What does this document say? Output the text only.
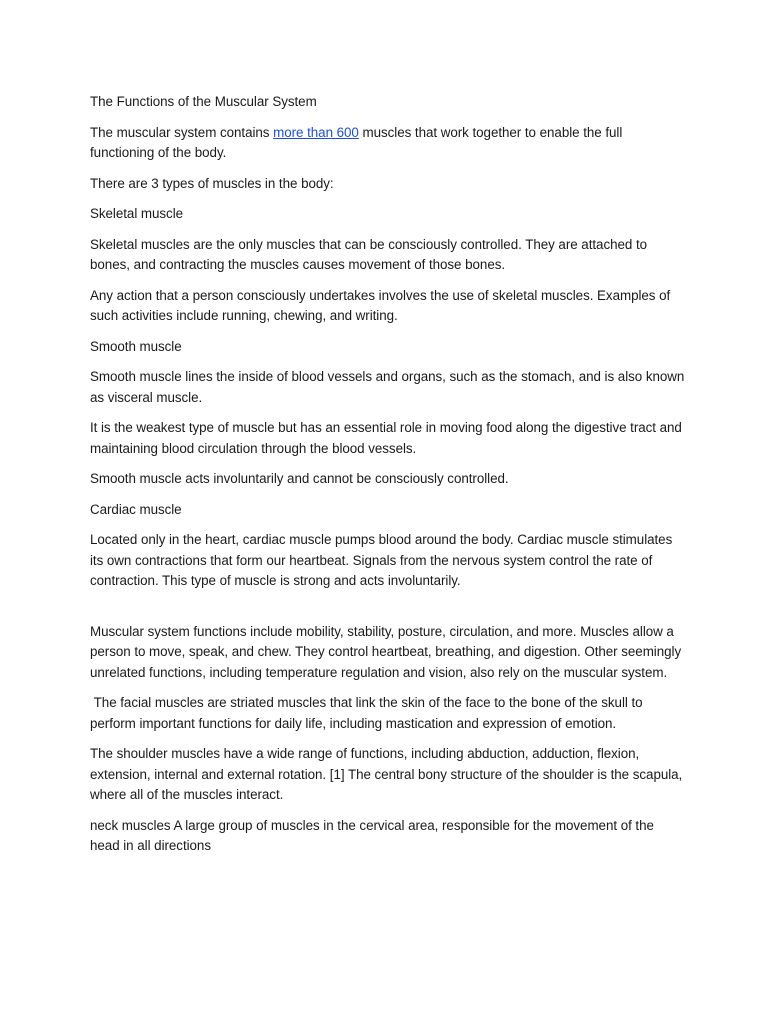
The Functions of the Muscular System

The muscular system contains more than 600 muscles that work together to enable the full functioning of the body.

There are 3 types of muscles in the body:

Skeletal muscle

Skeletal muscles are the only muscles that can be consciously controlled. They are attached to bones, and contracting the muscles causes movement of those bones.

Any action that a person consciously undertakes involves the use of skeletal muscles. Examples of such activities include running, chewing, and writing.

Smooth muscle

Smooth muscle lines the inside of blood vessels and organs, such as the stomach, and is also known as visceral muscle.

It is the weakest type of muscle but has an essential role in moving food along the digestive tract and maintaining blood circulation through the blood vessels.

Smooth muscle acts involuntarily and cannot be consciously controlled.

Cardiac muscle

Located only in the heart, cardiac muscle pumps blood around the body. Cardiac muscle stimulates its own contractions that form our heartbeat. Signals from the nervous system control the rate of contraction. This type of muscle is strong and acts involuntarily.

Muscular system functions include mobility, stability, posture, circulation, and more. Muscles allow a person to move, speak, and chew. They control heartbeat, breathing, and digestion. Other seemingly unrelated functions, including temperature regulation and vision, also rely on the muscular system.

The facial muscles are striated muscles that link the skin of the face to the bone of the skull to perform important functions for daily life, including mastication and expression of emotion.

The shoulder muscles have a wide range of functions, including abduction, adduction, flexion, extension, internal and external rotation. [1] The central bony structure of the shoulder is the scapula, where all of the muscles interact.

neck muscles A large group of muscles in the cervical area, responsible for the movement of the head in all directions
